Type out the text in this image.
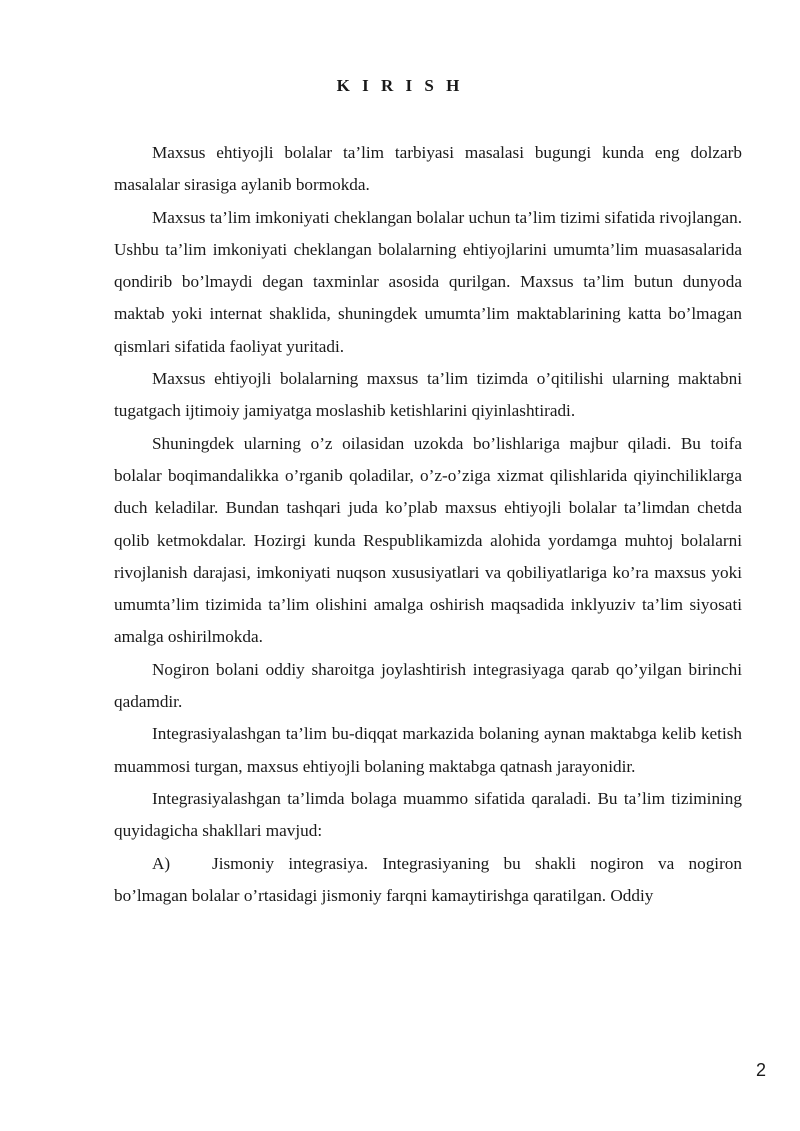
K I R I S H

Maxsus ehtiyojli bolalar ta’lim tarbiyasi masalasi bugungi kunda eng dolzarb masalalar sirasiga aylanib bormokda.

Maxsus ta’lim imkoniyati cheklangan bolalar uchun ta’lim tizimi sifatida rivojlangan. Ushbu ta’lim imkoniyati cheklangan bolalarning ehtiyojlarini umumta’lim muasasalarida qondirib bo’lmaydi degan taxminlar asosida qurilgan. Maxsus ta’lim butun dunyoda maktab yoki internat shaklida, shuningdek umumta’lim maktablarining katta bo’lmagan qismlari sifatida faoliyat yuritadi.

Maxsus ehtiyojli bolalarning maxsus ta’lim tizimda o’qitilishi ularning maktabni tugatgach ijtimoiy jamiyatga moslashib ketishlarini qiyinlashtiradi.

Shuningdek ularning o’z oilasidan uzokda bo’lishlariga majbur qiladi. Bu toifa bolalar boqimandalikka o’rganib qoladilar, o’z-o’ziga xizmat qilishlarida qiyinchiliklarga duch keladilar. Bundan tashqari juda ko’plab maxsus ehtiyojli bolalar ta’limdan chetda qolib ketmokdalar. Hozirgi kunda Respublikamizda alohida yordamga muhtoj bolalarni rivojlanish darajasi, imkoniyati nuqson xususiyatlari va qobiliyatlariga ko’ra maxsus yoki umumta’lim tizimida ta’lim olishini amalga oshirish maqsadida inklyuziv ta’lim siyosati amalga oshirilmokda.

Nogiron bolani oddiy sharoitga joylashtirish integrasiyaga qarab qo’yilgan birinchi qadamdir.

Integrasiyalashgan ta’lim bu-diqqat markazida bolaning aynan maktabga kelib ketish muammosi turgan, maxsus ehtiyojli bolaning maktabga qatnash jarayonidir.

Integrasiyalashgan ta’limda bolaga muammo sifatida qaraladi. Bu ta’lim tizimining quyidagicha shakllari mavjud:

A) Jismoniy integrasiya. Integrasiyaning bu shakli nogiron va nogiron bo’lmagan bolalar o’rtasidagi jismoniy farqni kamaytirishga qaratilgan. Oddiy

2
